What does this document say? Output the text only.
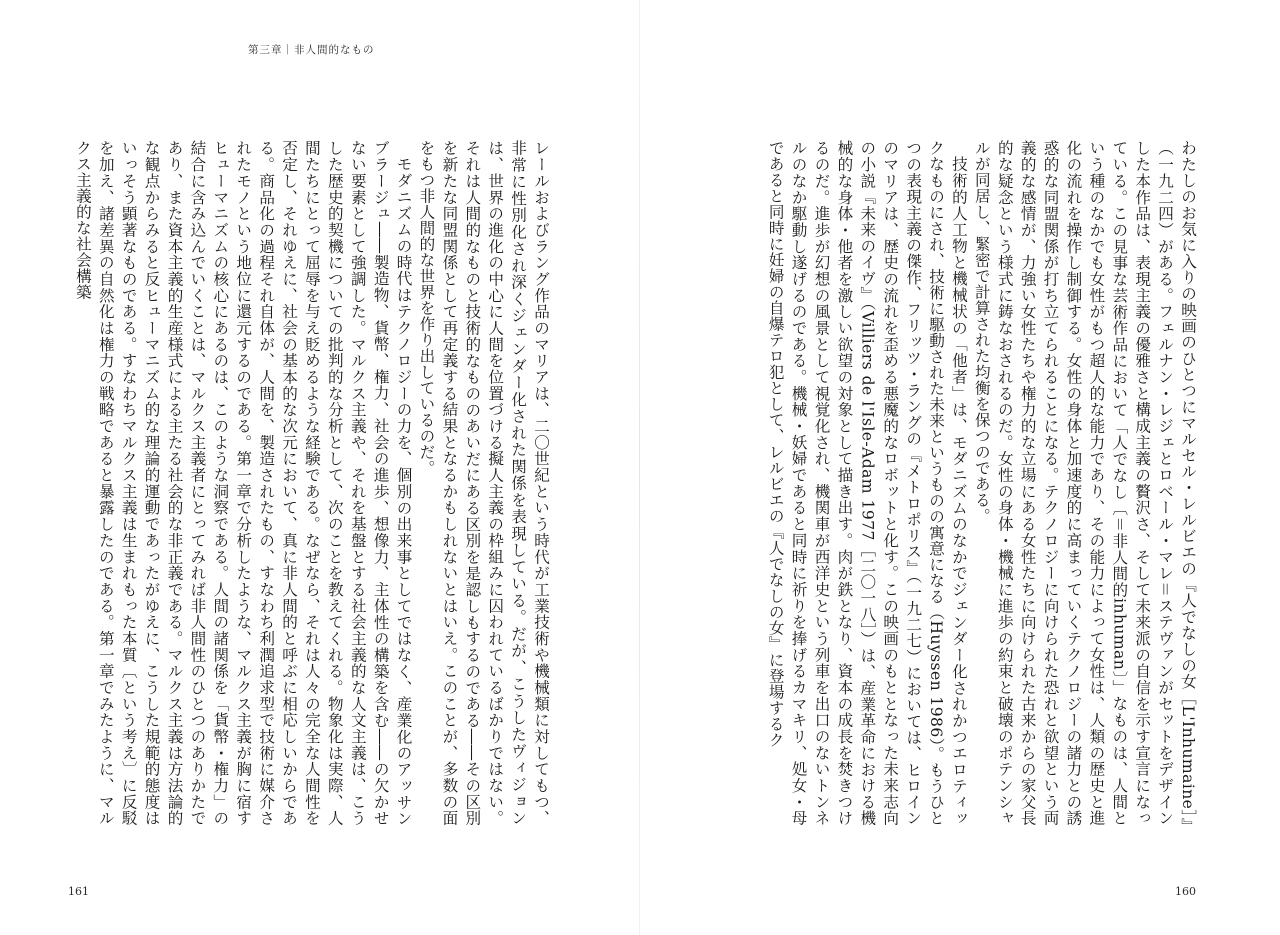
第三章｜非人間的なもの

レールおよびラング作品のマリアは、二〇世紀という時代が工業技術や機械類に対してもつ、非常に性別化され深くジェンダー化された関係を表現している。だが、こうしたヴィジョンは、世界の進化の中心に人間を位置づける擬人主義の枠組みに囚われているばかりではない。それは人間的なものと技術的なもののあいだにある区別を是認しもするのである――その区別を新たな同盟関係として再定義する結果となるかもしれないとはいえ。このことが、多数の面をもつ非人間的な世界を作り出しているのだ。

モダニズムの時代はテクノロジーの力を、個別の出来事としてではなく、産業化のアッサンブラージュ――製造物、貨幣、権力、社会の進歩、想像力、主体性の構築を含む――の欠かせない要素として強調した。マルクス主義や、それを基盤とする社会主義的な人文主義は、こうした歴史的契機についての批判的な分析として、次のことを教えてくれる。物象化は実際、人間たちにとって屈辱を与え貶めるような経験である。なぜなら、それは人々の完全な人間性を否定し、それゆえに、社会の基本的な次元において、真に非人間的と呼ぶに相応しいからである。商品化の過程それ自体が、人間を、製造されたもの、すなわち利潤追求型で技術に媒介されたモノという地位に還元するのである。第一章で分析したような、マルクス主義が胸に宿すヒューマニズムの核心にあるのは、このような洞察である。人間の諸関係を「貨幣・権力」の結合に含み込んでいくことは、マルクス主義者にとってみれば非人間性のひとつのありかたであり、また資本主義的生産様式による主たる社会的な非正義である。マルクス主義は方法論的な観点からみると反ヒューマニズム的な理論的運動であったがゆえに、こうした規範的態度はいっそう顕著なものである。すなわちマルクス主義は生まれもった本質〔という考え〕に反駁を加え、諸差異の自然化は権力の戦略であると暴露したのである。第一章でみたように、マルクス主義的な社会構築

161

わたしのお気に入りの映画のひとつにマルセル・レルビエの『人でなしの女［L'Inhumaine］』（一九二四）がある。フェルナン・レジェとロベール・マレ＝ステヴァンがセットをデザインした本作品は、表現主義の優雅さと構成主義の贅沢さ、そして未来派の自信を示す宣言になっている。この見事な芸術作品において「人でなし〔＝非人間的inhuman〕」なものは、人間という種のなかでも女性がもつ超人的な能力であり、その能力によって女性は、人類の歴史と進化の流れを操作し制御する。女性の身体と加速度的に高まっていくテクノロジーの諸力との誘惑的な同盟関係が打ち立てられることになる。テクノロジーに向けられた恐れと欲望という両義的な感情が、力強い女性たちや権力的な立場にある女性たちに向けられた古来からの家父長的な疑念という様式に鋳なおされるのだ。女性の身体・機械に進歩の約束と破壊のポテンシャルが同居し、緊密で計算された均衡を保つのである。

技術的人工物と機械状の「他者」は、モダニズムのなかでジェンダー化されかつエロティックなものにされ、技術に駆動された未来というものの寓意になる（Huyssen 1986）。もうひとつの表現主義の傑作、フリッツ・ラングの『メトロポリス』（一九二七）においては、ヒロインのマリアは、歴史の流れを歪める悪魔的なロボットと化す。この映画のもととなった未来志向の小説『未来のイヴ』（Villiers de l'Isle-Adam 1977［二〇一八］）は、産業革命における機械的な身体・他者を激しい欲望の対象として描き出す。肉が鉄となり、資本の成長を焚きつけるのだ。進歩が幻想の風景として視覚化され、機関車が西洋史という列車を出口のないトンネルのなか駆動し遂げるのである。機械・妖婦であると同時に祈りを捧げるカマキリ、処女・母であると同時に妊婦の自爆テロ犯として、レルビエの『人でなしの女』に登場するク

160
